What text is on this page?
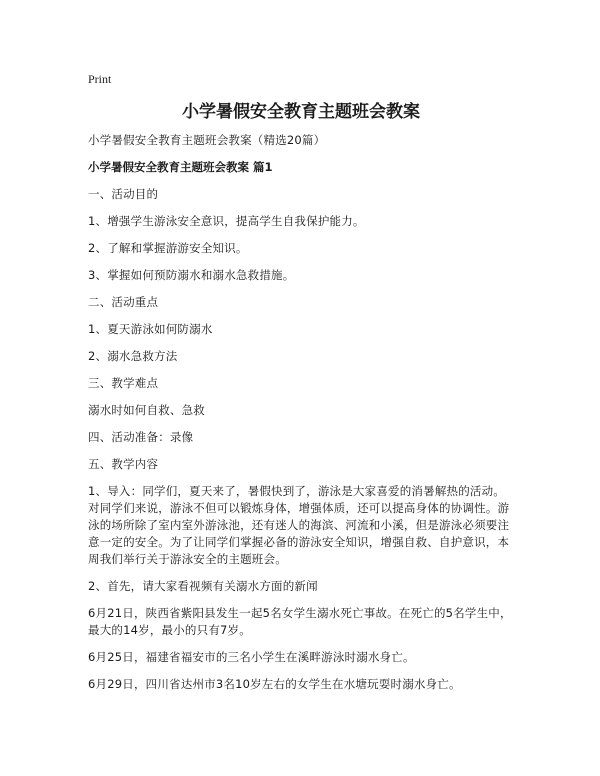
Print
小学暑假安全教育主题班会教案

小学暑假安全教育主题班会教案（精选20篇）

小学暑假安全教育主题班会教案 篇1

一、活动目的

1、增强学生游泳安全意识，提高学生自我保护能力。

2、了解和掌握游游安全知识。

3、掌握如何预防溺水和溺水急救措施。

二、活动重点

1、夏天游泳如何防溺水

2、溺水急救方法

三、教学难点

溺水时如何自救、急救

四、活动准备：录像

五、教学内容

1、导入：同学们，夏天来了，暑假快到了，游泳是大家喜爱的消暑解热的活动。对同学们来说，游泳不但可以锻炼身体，增强体质，还可以提高身体的协调性。游泳的场所除了室内室外游泳池，还有迷人的海滨、河流和小溪，但是游泳必须要注意一定的安全。为了让同学们掌握必备的游泳安全知识，增强自救、自护意识，本周我们举行关于游泳安全的主题班会。

2、首先，请大家看视频有关溺水方面的新闻

6月21日，陕西省紫阳县发生一起5名女学生溺水死亡事故。在死亡的5名学生中，最大的14岁，最小的只有7岁。

6月25日，福建省福安市的三名小学生在溪畔游泳时溺水身亡。

6月29日，四川省达州市3名10岁左右的女学生在水塘玩耍时溺水身亡。
